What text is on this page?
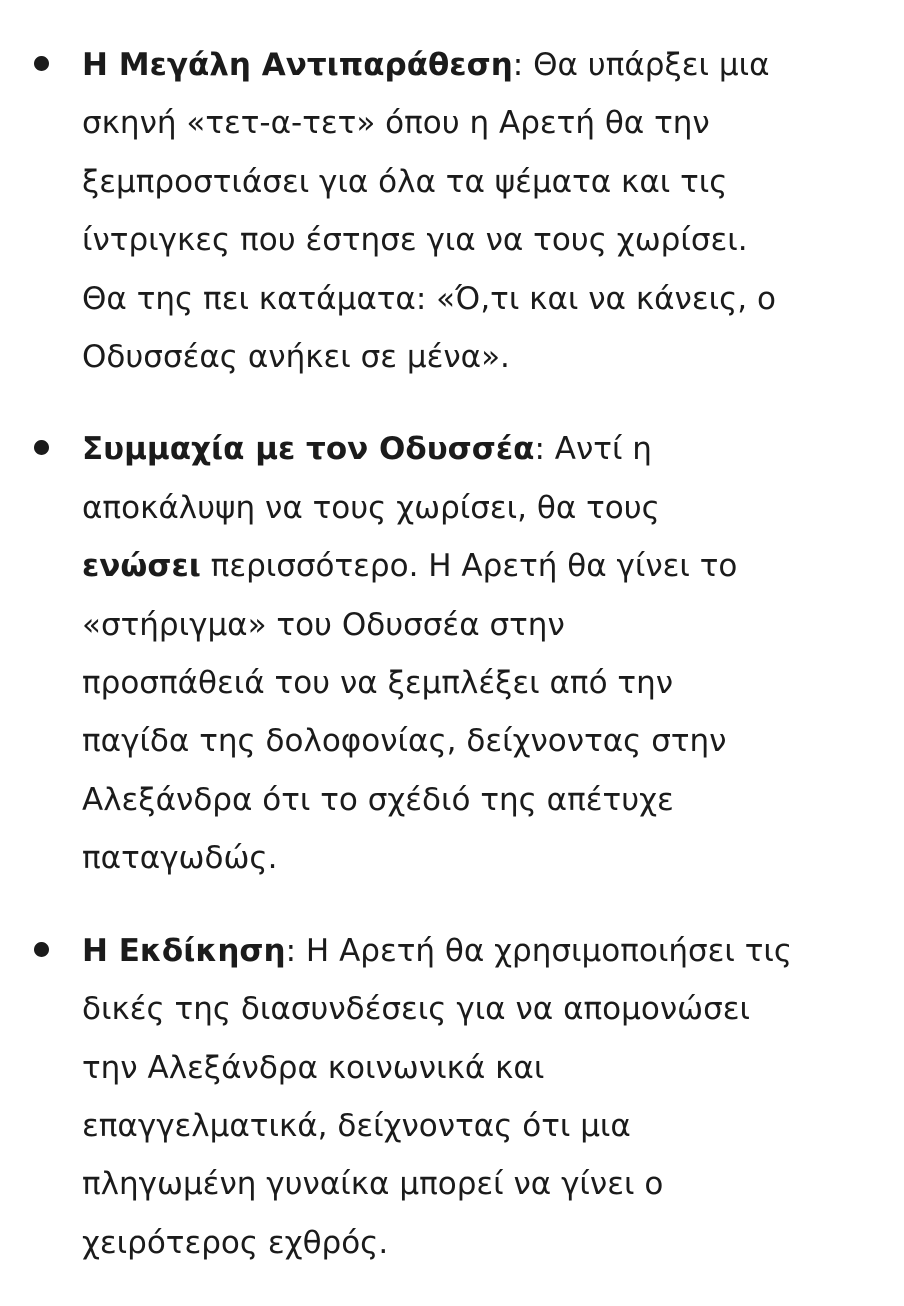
Η Μεγάλη Αντιπαράθεση: Θα υπάρξει μια
σκηνή «τετ-α-τετ» όπου η Αρετή θα την
ξεμπροστιάσει για όλα τα ψέματα και τις
ίντριγκες που έστησε για να τους χωρίσει.
Θα της πει κατάματα: «Ό,τι και να κάνεις, ο
Οδυσσέας ανήκει σε μένα».
Συμμαχία με τον Οδυσσέα: Αντί η
αποκάλυψη να τους χωρίσει, θα τους
ενώσει περισσότερο. Η Αρετή θα γίνει το
«στήριγμα» του Οδυσσέα στην
προσπάθειά του να ξεμπλέξει από την
παγίδα της δολοφονίας, δείχνοντας στην
Αλεξάνδρα ότι το σχέδιό της απέτυχε
παταγωδώς.
Η Εκδίκηση: Η Αρετή θα χρησιμοποιήσει τις
δικές της διασυνδέσεις για να απομονώσει
την Αλεξάνδρα κοινωνικά και
επαγγελματικά, δείχνοντας ότι μια
πληγωμένη γυναίκα μπορεί να γίνει ο
χειρότερος εχθρός.
